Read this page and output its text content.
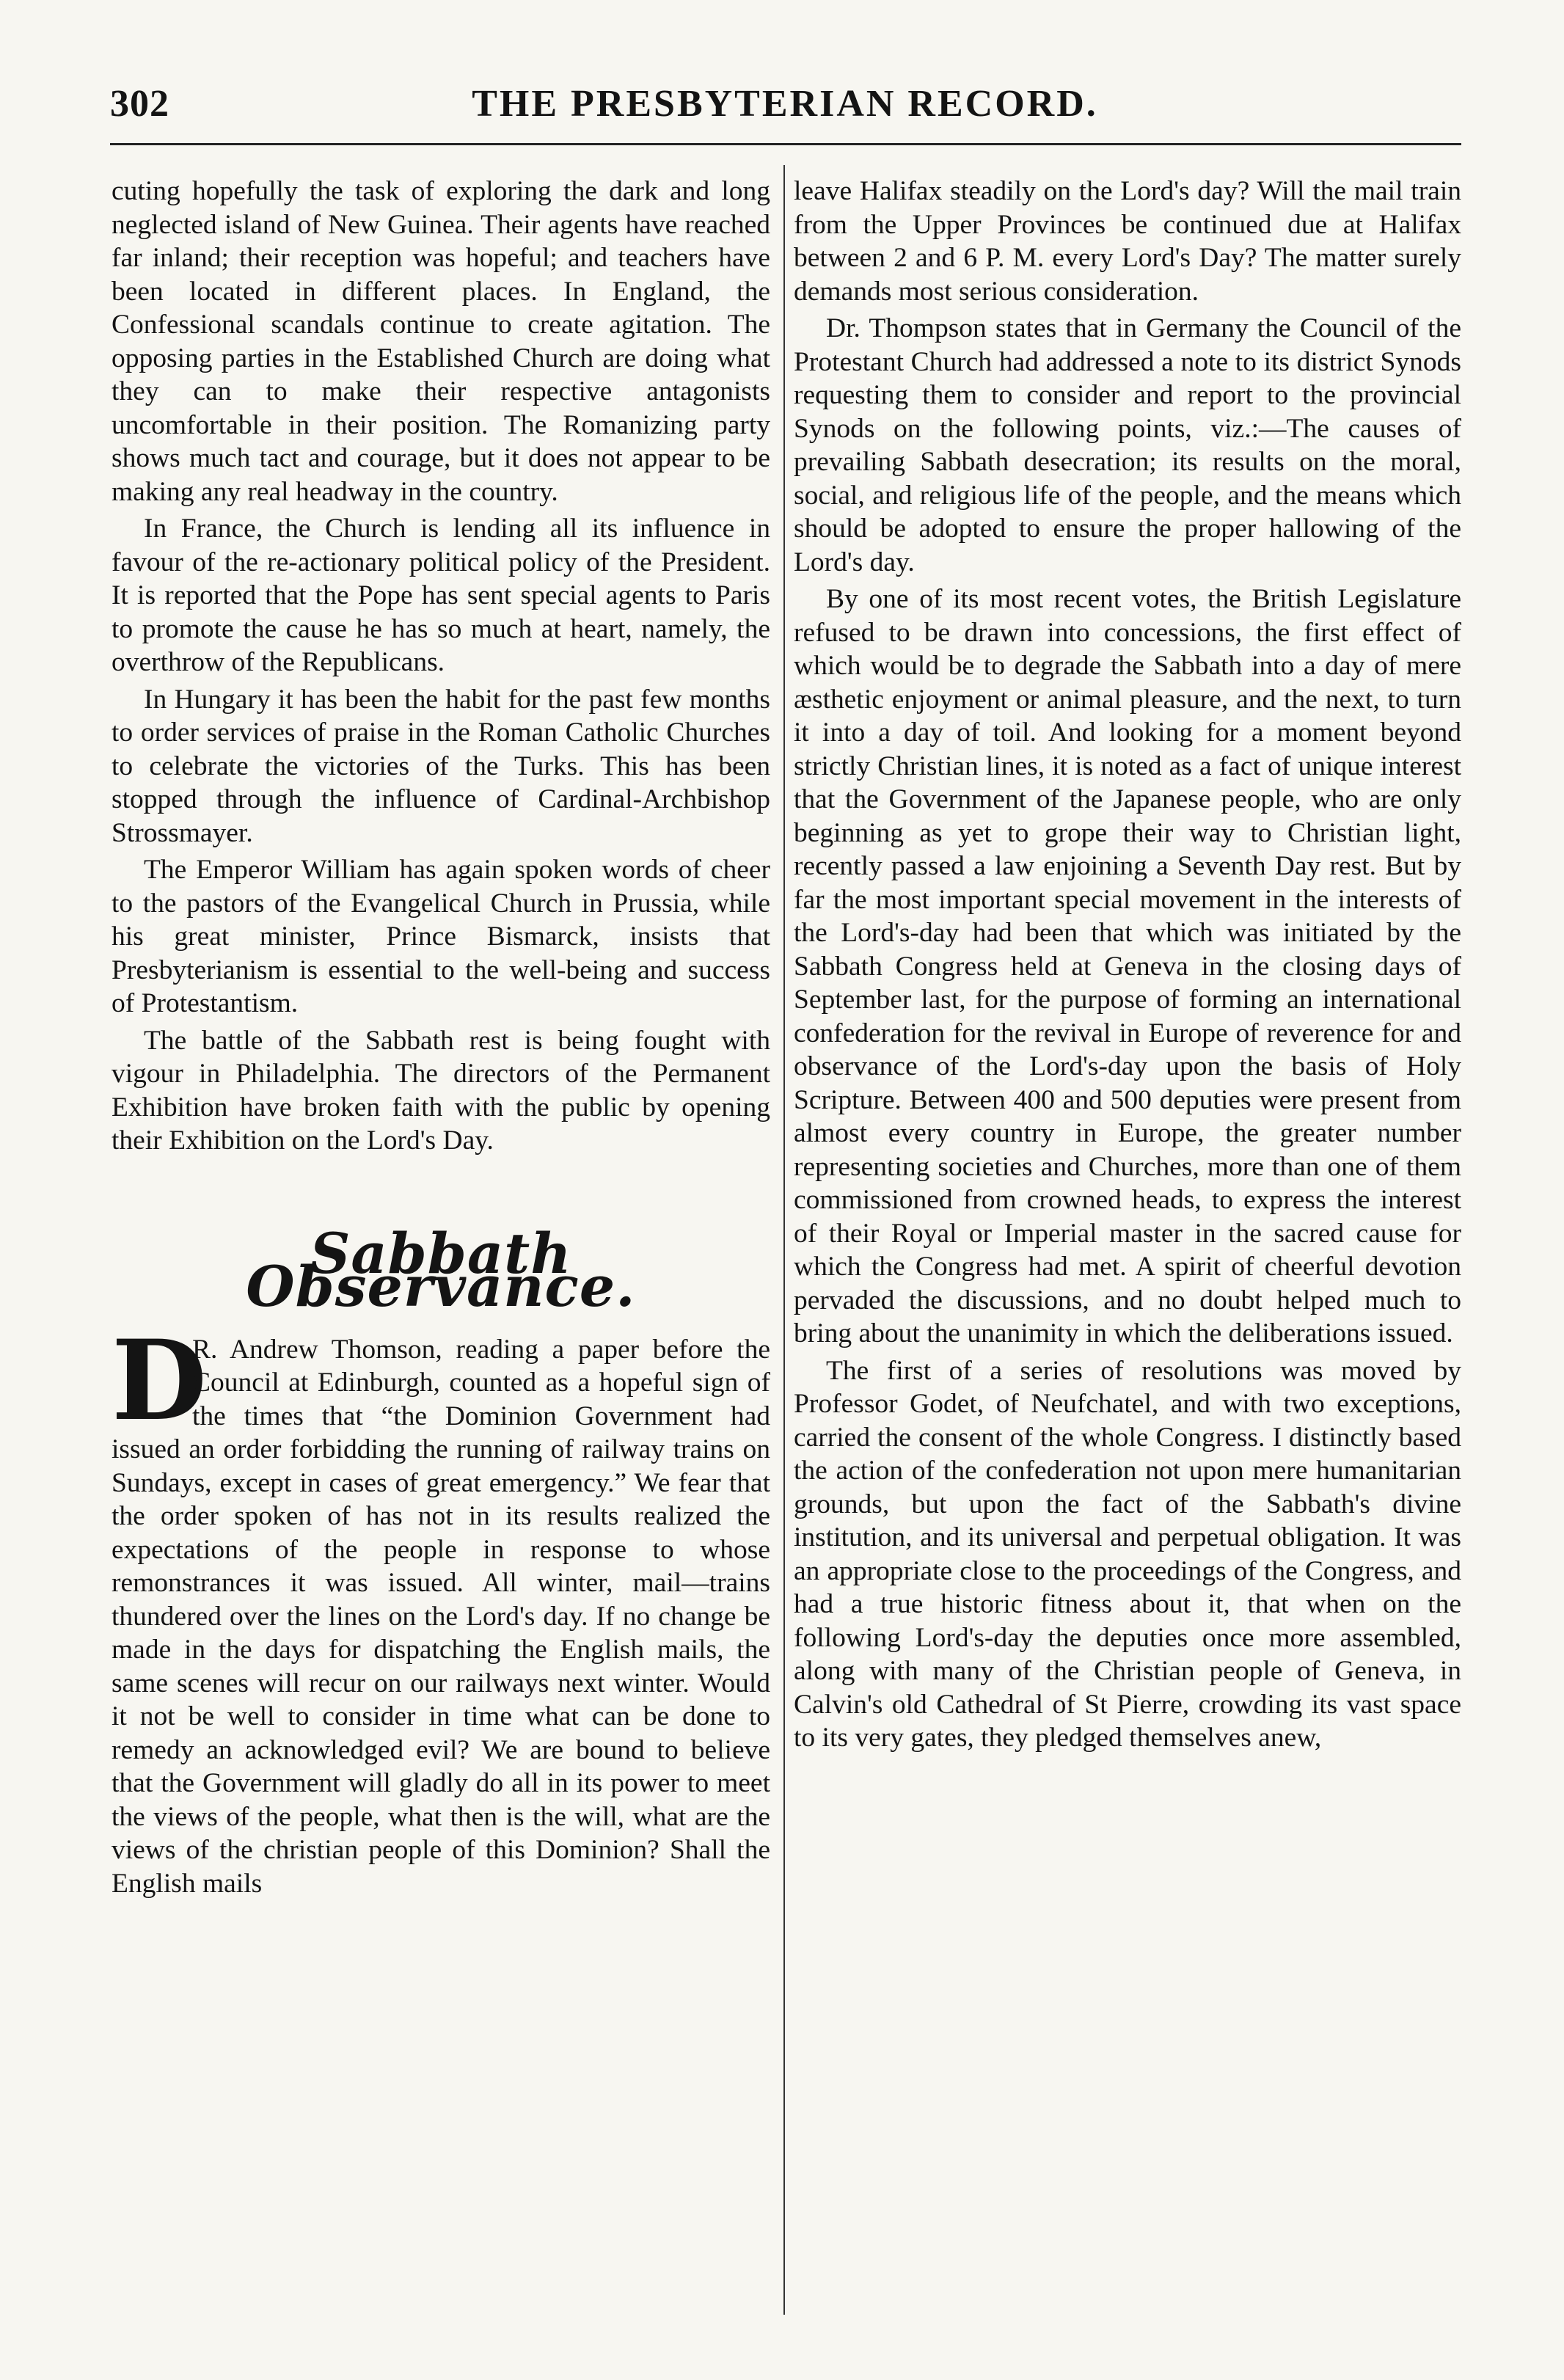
302	THE PRESBYTERIAN RECORD.

cuting hopefully the task of exploring the dark and long neglected island of New Guinea. Their agents have reached far inland; their reception was hopeful; and teachers have been located in different places. In England, the Confessional scandals continue to create agitation. The opposing parties in the Established Church are doing what they can to make their respective antagonists uncomfortable in their position. The Romanizing party shows much tact and courage, but it does not appear to be making any real headway in the country.

In France, the Church is lending all its influence in favour of the re-actionary political policy of the President. It is reported that the Pope has sent special agents to Paris to promote the cause he has so much at heart, namely, the overthrow of the Republicans.

In Hungary it has been the habit for the past few months to order services of praise in the Roman Catholic Churches to celebrate the victories of the Turks. This has been stopped through the influence of Cardinal-Archbishop Strossmayer.

The Emperor William has again spoken words of cheer to the pastors of the Evangelical Church in Prussia, while his great minister, Prince Bismarck, insists that Presbyterianism is essential to the well-being and success of Protestantism.

The battle of the Sabbath rest is being fought with vigour in Philadelphia. The directors of the Permanent Exhibition have broken faith with the public by opening their Exhibition on the Lord's Day.

Sabbath Observance.

D
R. Andrew Thomson, reading a paper before the Council at Edinburgh, counted as a hopeful sign of the times that “the Dominion Government had issued an order forbidding the running of railway trains on Sundays, except in cases of great emergency.” We fear that the order spoken of has not in its results realized the expectations of the people in response to whose remonstrances it was issued. All winter, mail—trains thundered over the lines on the Lord's day. If no change be made in the days for dispatching the English mails, the same scenes will recur on our railways next winter. Would it not be well to consider in time what can be done to remedy an acknowledged evil? We are bound to believe that the Government will gladly do all in its power to meet the views of the people, what then is the will, what are the views of the christian people of this Dominion? Shall the English mails

leave Halifax steadily on the Lord's day? Will the mail train from the Upper Provinces be continued due at Halifax between 2 and 6 P. M. every Lord's Day? The matter surely demands most serious consideration.

Dr. Thompson states that in Germany the Council of the Protestant Church had addressed a note to its district Synods requesting them to consider and report to the provincial Synods on the following points, viz.:—The causes of prevailing Sabbath desecration; its results on the moral, social, and religious life of the people, and the means which should be adopted to ensure the proper hallowing of the Lord's day.

By one of its most recent votes, the British Legislature refused to be drawn into concessions, the first effect of which would be to degrade the Sabbath into a day of mere æsthetic enjoyment or animal pleasure, and the next, to turn it into a day of toil. And looking for a moment beyond strictly Christian lines, it is noted as a fact of unique interest that the Government of the Japanese people, who are only beginning as yet to grope their way to Christian light, recently passed a law enjoining a Seventh Day rest. But by far the most important special movement in the interests of the Lord's-day had been that which was initiated by the Sabbath Congress held at Geneva in the closing days of September last, for the purpose of forming an international confederation for the revival in Europe of reverence for and observance of the Lord's-day upon the basis of Holy Scripture. Between 400 and 500 deputies were present from almost every country in Europe, the greater number representing societies and Churches, more than one of them commissioned from crowned heads, to express the interest of their Royal or Imperial master in the sacred cause for which the Congress had met. A spirit of cheerful devotion pervaded the discussions, and no doubt helped much to bring about the unanimity in which the deliberations issued.

The first of a series of resolutions was moved by Professor Godet, of Neufchatel, and with two exceptions, carried the consent of the whole Congress. I distinctly based the action of the confederation not upon mere humanitarian grounds, but upon the fact of the Sabbath's divine institution, and its universal and perpetual obligation. It was an appropriate close to the proceedings of the Congress, and had a true historic fitness about it, that when on the following Lord's-day the deputies once more assembled, along with many of the Christian people of Geneva, in Calvin's old Cathedral of St Pierre, crowding its vast space to its very gates, they pledged themselves anew,
